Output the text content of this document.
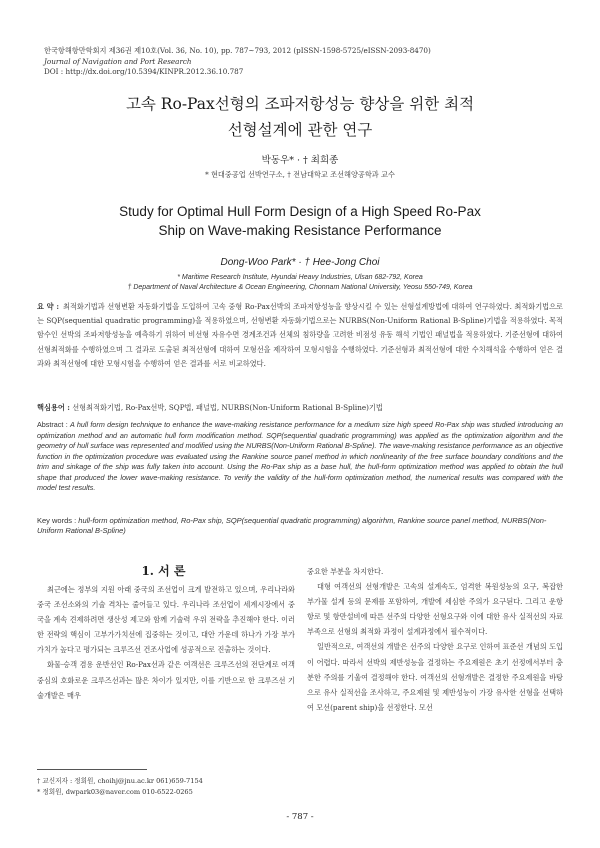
한국항해항만학회지 제36권 제10호(Vol. 36, No. 10), pp. 787~793, 2012 (pISSN-1598-5725/eISSN-2093-8470)
Journal of Navigation and Port Research
DOI : http://dx.doi.org/10.5394/KINPR.2012.36.10.787
고속 Ro-Pax선형의 조파저항성능 향상을 위한 최적
선형설계에 관한 연구
박동우* · † 최희종
* 현대중공업 선박연구소, † 전남대학교 조선해양공학과 교수
Study for Optimal Hull Form Design of a High Speed Ro-Pax
Ship on Wave-making Resistance Performance
Dong-Woo Park* · † Hee-Jong Choi
* Maritime Research Institute, Hyundai Heavy Industries, Ulsan 682-792, Korea
† Department of Naval Architecture & Ocean Engineering, Chonnam National University, Yeosu 550-749, Korea
요 약 : 최적화기법과 선형변환 자동화기법을 도입하여 고속 중형 Ro-Pax선박의 조파저항성능을 향상시킬 수 있는 선형설계방법에 대하여 연구하였다. 최적화기법으로는 SQP(sequential quadratic programming)을 적용하였으며, 선형변환 자동화기법으로는 NURBS(Non-Uniform Rational B-Spline)기법을 적용하였다. 목적함수인 선박의 조파저항성능을 예측하기 위하여 비선형 자유수면 경계조건과 선체의 침하량을 고려한 비점성 유동 해석 기법인 패널법을 적용하였다. 기준선형에 대하여 선형최적화를 수행하였으며 그 결과로 도출된 최적선형에 대하여 모형선을 제작하여 모형시험을 수행하였다. 기준선형과 최적선형에 대한 수치해석을 수행하여 얻은 결과와 최적선형에 대한 모형시험을 수행하여 얻은 결과를 서로 비교하였다.
핵심용어 : 선형최적화기법, Ro-Pax선박, SQP법, 패널법, NURBS(Non-Uniform Rational B-Spline)기법
Abstract : A hull form design technique to enhance the wave-making resistance performance for a medium size high speed Ro-Pax ship was studied introducing an optimization method and an automatic hull form modification method. SQP(sequential quadratic programming) was applied as the optimization algorithm and the geometry of hull surface was represented and modified using the NURBS(Non-Uniform Rational B-Spline). The wave-making resistance performance as an objective function in the optimization procedure was evaluated using the Rankine source panel method in which nonlinearity of the free surface boundary conditions and the trim and sinkage of the ship was fully taken into account. Using the Ro-Pax ship as a base hull, the hull-form optimization method was applied to obtain the hull shape that produced the lower wave-making resistance. To verify the validity of the hull-form optimization method, the numerical results was compared with the model test results.
Key words : hull-form optimization method, Ro-Pax ship, SQP(sequential quadratic programming) algorirhm, Rankine source panel method, NURBS(Non-Uniform Rational B-Spline)
1. 서 론

최근에는 정부의 지원 아래 중국의 조선업이 크게 발전하고 있으며, 우리나라와 중국 조선소와의 기술 격차는 줄어들고 있다. 우리나라 조선업이 세계시장에서 중국을 계속 견제하려면 생산성 제고와 함께 기술력 우위 전략을 추진해야 한다. 이러한 전략의 핵심이 고부가가치선에 집중하는 것이고, 대안 가운데 하나가 가장 부가가치가 높다고 평가되는 크루즈선 건조사업에 성공적으로 진출하는 것이다.

화물·승객 겸용 운반선인 Ro-Pax선과 같은 여객선은 크루즈선의 전단계로 여객중심의 호화로운 크루즈선과는 많은 차이가 있지만, 이를 기반으로 한 크루즈선 기술개발은 매우

중요한 부분을 차지한다.

대형 여객선의 선형개발은 고속의 설계속도, 엄격한 복원성능의 요구, 복잡한 부가물 설계 등의 문제를 포함하여, 개발에 세심한 주의가 요구된다. 그리고 운항항로 및 항만설비에 따른 선주의 다양한 선형요구와 이에 대한 유사 실적선의 자료 부족으로 선형의 최적화 과정이 설계과정에서 필수적이다.

일반적으로, 여객선의 개발은 선주의 다양한 요구로 인하여 표준선 개념의 도입이 어렵다. 따라서 선박의 제반성능을 결정하는 주요제원은 초기 선정에서부터 충분한 주의를 기울여 결정해야 한다. 여객선의 선형개발은 결정한 주요제원을 바탕으로 유사 실적선을 조사하고, 주요제원 및 제반성능이 가장 유사한 선형을 선택하여 모선(parent ship)을 선정한다. 모선

† 교신저자 : 정회원, choihj@jnu.ac.kr 061)659-7154
* 정회원, dwpark03@naver.com 010-6522-0265
- 787 -
